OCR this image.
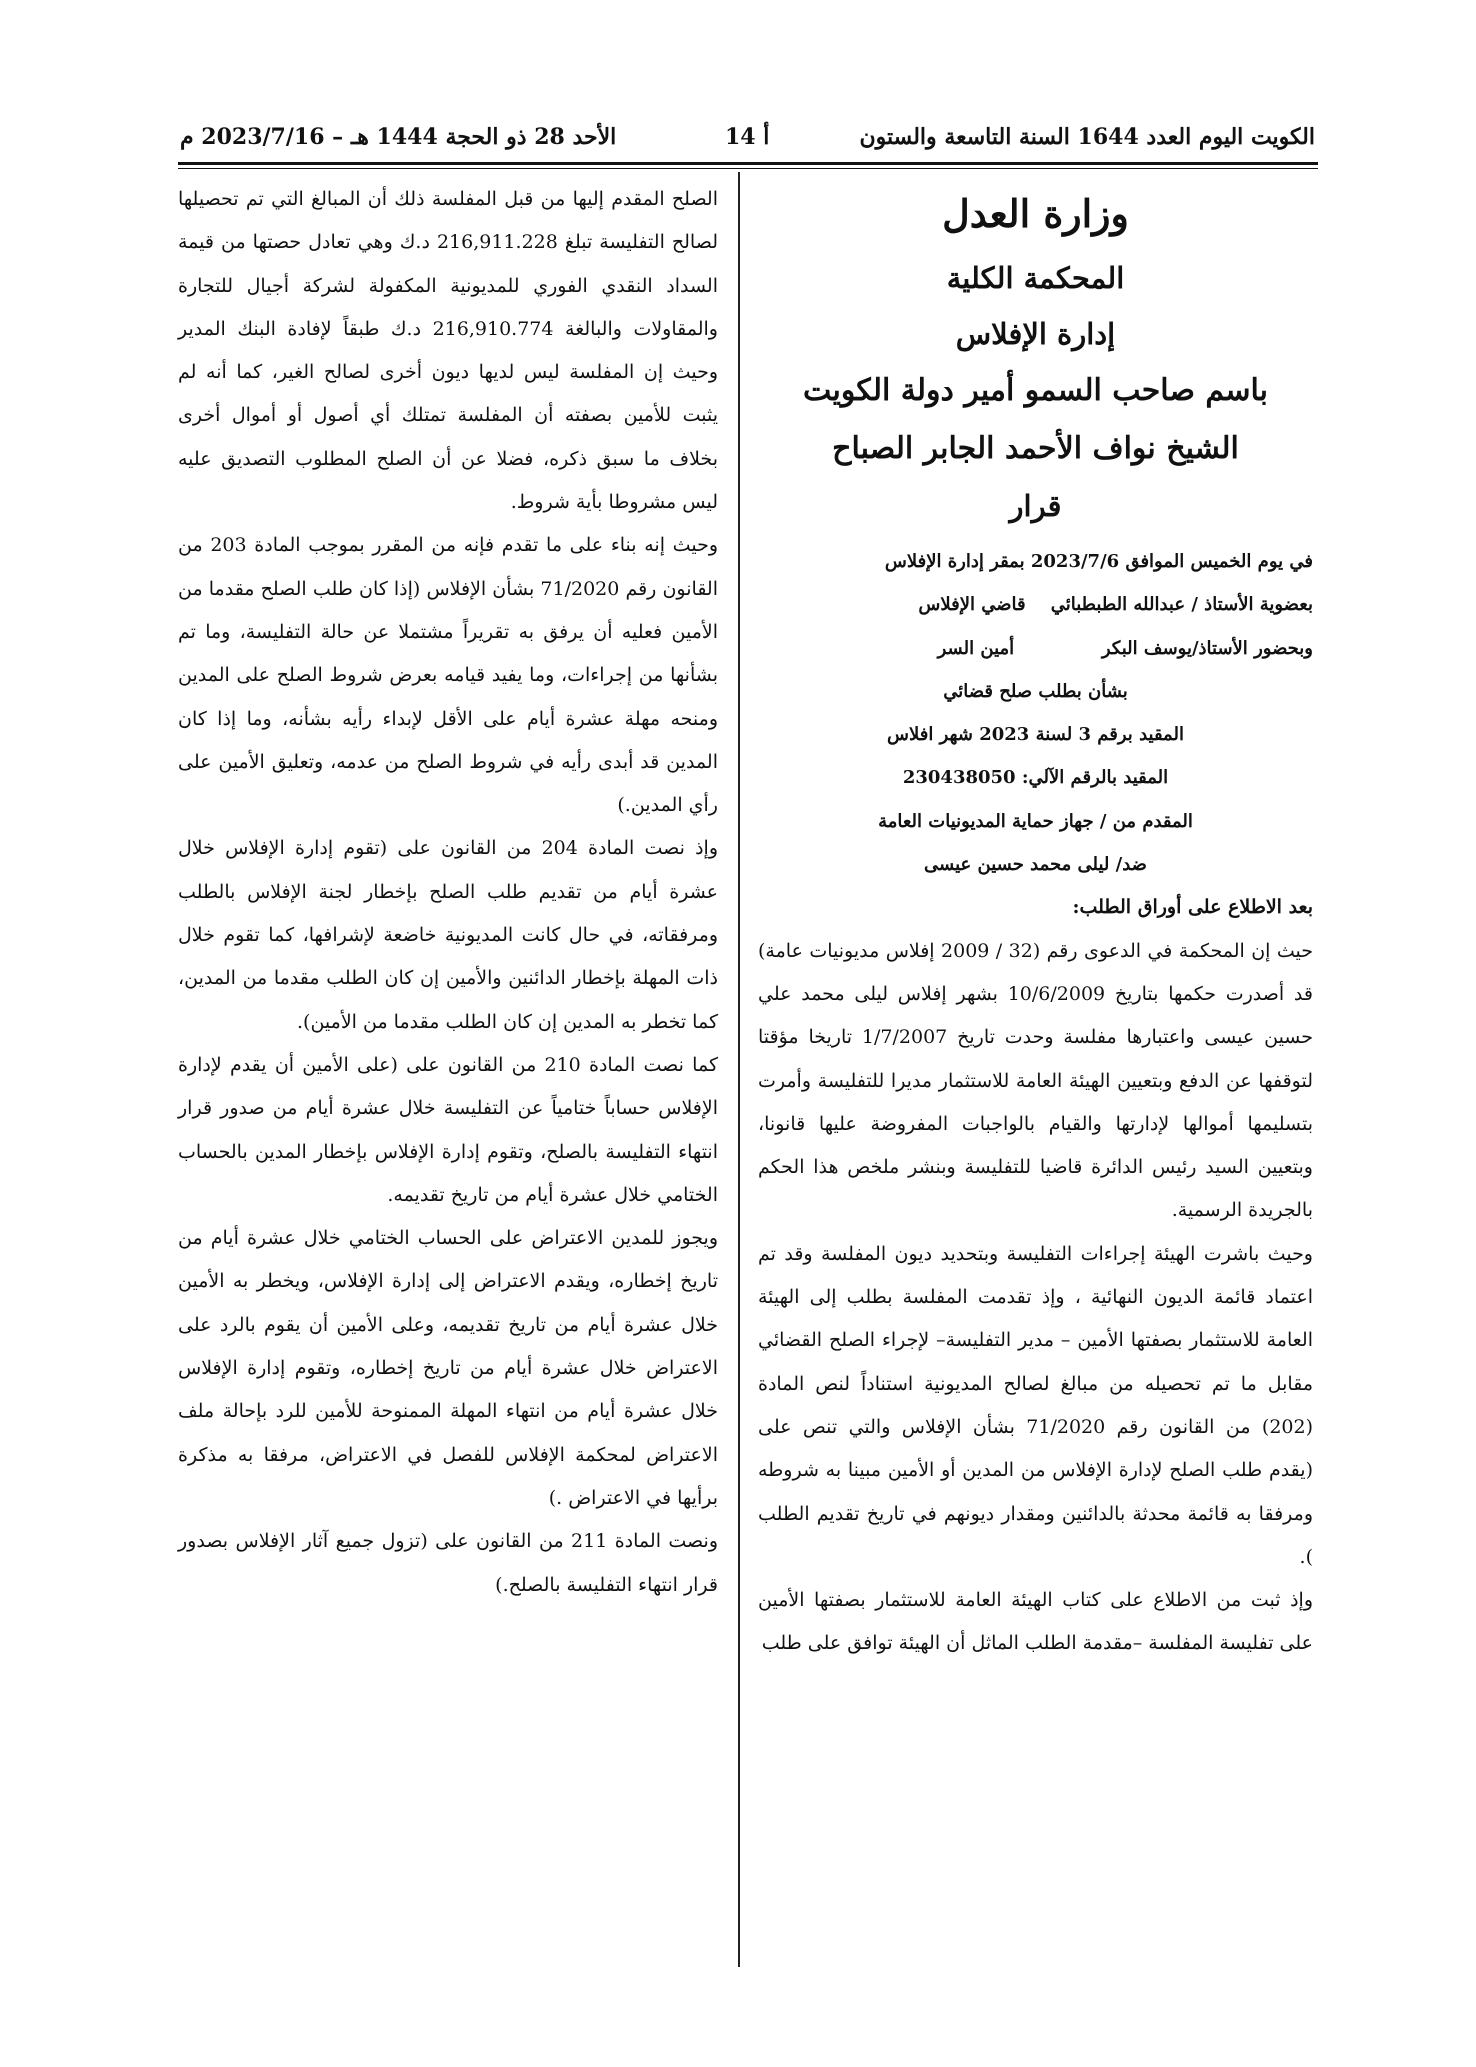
الكويت اليوم العدد 1644 السنة التاسعة والستون
أ 14
الأحد 28 ذو الحجة 1444 هـ – 2023/7/16 م
وزارة العدل
المحكمة الكلية
إدارة الإفلاس
باسم صاحب السمو أمير دولة الكويت
الشيخ نواف الأحمد الجابر الصباح
قرار

في يوم الخميس الموافق 2023/7/6 بمقر إدارة الإفلاس

بعضوية الأستاذ / عبدالله الطبطبائي    قاضي الإفلاس

وبحضور الأستاذ/يوسف البكر              أمين السر

بشأن بطلب صلح قضائي

المقيد برقم 3 لسنة 2023 شهر افلاس

المقيد بالرقم الآلي: 230438050

المقدم من / جهاز حماية المديونيات العامة

ضد/ ليلى محمد حسين عيسى

بعد الاطلاع على أوراق الطلب:

حيث إن المحكمة في الدعوى رقم (32 / 2009 إفلاس مديونيات عامة) قد أصدرت حكمها بتاريخ 10/6/2009 بشهر إفلاس ليلى محمد علي حسين عيسى واعتبارها مفلسة وحدت تاريخ 1/7/2007 تاريخا مؤقتا لتوقفها عن الدفع وبتعيين الهيئة العامة للاستثمار مديرا للتفليسة وأمرت بتسليمها أموالها لإدارتها والقيام بالواجبات المفروضة عليها قانونا، وبتعيين السيد رئيس الدائرة قاضيا للتفليسة وبنشر ملخص هذا الحكم بالجريدة الرسمية.

وحيث باشرت الهيئة إجراءات التفليسة وبتحديد ديون المفلسة وقد تم اعتماد قائمة الديون النهائية ، وإذ تقدمت المفلسة بطلب إلى الهيئة العامة للاستثمار بصفتها الأمين – مدير التفليسة– لإجراء الصلح القضائي مقابل ما تم تحصيله من مبالغ لصالح المديونية استناداً لنص المادة (202) من القانون رقم 71/2020 بشأن الإفلاس والتي تنص على (يقدم طلب الصلح لإدارة الإفلاس من المدين أو الأمين مبينا به شروطه ومرفقا به قائمة محدثة بالدائنين ومقدار ديونهم في تاريخ تقديم الطلب ).

وإذ ثبت من الاطلاع على كتاب الهيئة العامة للاستثمار بصفتها الأمين على تفليسة المفلسة –مقدمة الطلب الماثل أن الهيئة توافق على طلب

الصلح المقدم إليها من قبل المفلسة ذلك أن المبالغ التي تم تحصيلها لصالح التفليسة تبلغ 216,911.228 د.ك وهي تعادل حصتها من قيمة السداد النقدي الفوري للمديونية المكفولة لشركة أجيال للتجارة والمقاولات والبالغة 216,910.774 د.ك طبقاً لإفادة البنك المدير وحيث إن المفلسة ليس لديها ديون أخرى لصالح الغير، كما أنه لم يثبت للأمين بصفته أن المفلسة تمتلك أي أصول أو أموال أخرى بخلاف ما سبق ذكره، فضلا عن أن الصلح المطلوب التصديق عليه ليس مشروطا بأية شروط.

وحيث إنه بناء على ما تقدم فإنه من المقرر بموجب المادة 203 من القانون رقم 71/2020 بشأن الإفلاس (إذا كان طلب الصلح مقدما من الأمين فعليه أن يرفق به تقريراً مشتملا عن حالة التفليسة، وما تم بشأنها من إجراءات، وما يفيد قيامه بعرض شروط الصلح على المدين ومنحه مهلة عشرة أيام على الأقل لإبداء رأيه بشأنه، وما إذا كان المدين قد أبدى رأيه في شروط الصلح من عدمه، وتعليق الأمين على رأي المدين.)

وإذ نصت المادة 204 من القانون على (تقوم إدارة الإفلاس خلال عشرة أيام من تقديم طلب الصلح بإخطار لجنة الإفلاس بالطلب ومرفقاته، في حال كانت المديونية خاضعة لإشرافها، كما تقوم خلال ذات المهلة بإخطار الدائنين والأمين إن كان الطلب مقدما من المدين، كما تخطر به المدين إن كان الطلب مقدما من الأمين).

كما نصت المادة 210 من القانون على (على الأمين أن يقدم لإدارة الإفلاس حساباً ختامياً عن التفليسة خلال عشرة أيام من صدور قرار انتهاء التفليسة بالصلح، وتقوم إدارة الإفلاس بإخطار المدين بالحساب الختامي خلال عشرة أيام من تاريخ تقديمه.

ويجوز للمدين الاعتراض على الحساب الختامي خلال عشرة أيام من تاريخ إخطاره، ويقدم الاعتراض إلى إدارة الإفلاس، ويخطر به الأمين خلال عشرة أيام من تاريخ تقديمه، وعلى الأمين أن يقوم بالرد على الاعتراض خلال عشرة أيام من تاريخ إخطاره، وتقوم إدارة الإفلاس خلال عشرة أيام من انتهاء المهلة الممنوحة للأمين للرد بإحالة ملف الاعتراض لمحكمة الإفلاس للفصل في الاعتراض، مرفقا به مذكرة برأيها في الاعتراض .)

ونصت المادة 211 من القانون على (تزول جميع آثار الإفلاس بصدور قرار انتهاء التفليسة بالصلح.)
